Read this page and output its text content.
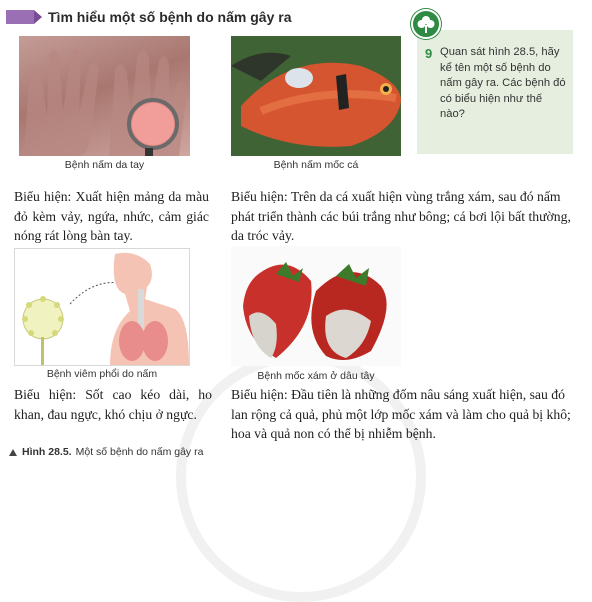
Tìm hiểu một số bệnh do nấm gây ra
9 Quan sát hình 28.5, hãy kể tên một số bệnh do nấm gây ra. Các bệnh đó có biểu hiện như thế nào?
Bệnh nấm da tay	Bệnh nấm mốc cá
Biểu hiện: Xuất hiện mảng da màu đỏ kèm vảy, ngứa, nhức, cảm giác nóng rát lòng bàn tay.
Biểu hiện: Trên da cá xuất hiện vùng trắng xám, sau đó nấm phát triển thành các búi trắng như bông; cá bơi lội bất thường, da tróc vảy.
Bệnh viêm phổi do nấm	Bệnh mốc xám ở dâu tây
Biểu hiện: Sốt cao kéo dài, ho khan, đau ngực, khó chịu ở ngực.
Biểu hiện: Đầu tiên là những đốm nâu sáng xuất hiện, sau đó lan rộng cả quả, phủ một lớp mốc xám và làm cho quả bị khô; hoa và quả non có thể bị nhiễm bệnh.
Hình 28.5. Một số bệnh do nấm gây ra
